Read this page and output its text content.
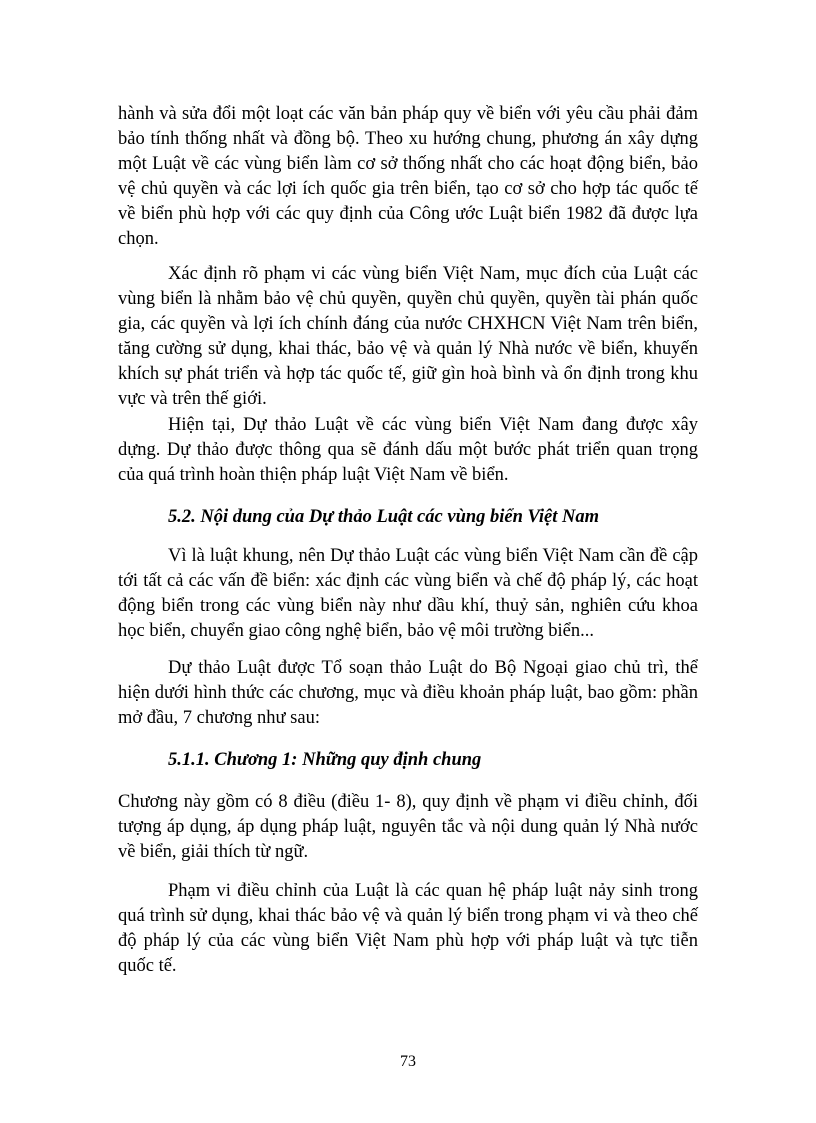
hành và sửa đổi một loạt các văn bản pháp quy về biển với yêu cầu phải đảm bảo tính thống nhất và đồng bộ. Theo xu hướng chung, phương án xây dựng một Luật về các vùng biển làm cơ sở thống nhất cho các hoạt động biển, bảo vệ chủ quyền và các lợi ích quốc gia trên biển, tạo cơ sở cho hợp tác quốc tế về biển phù hợp với các quy định của Công ước Luật biển 1982 đã được lựa chọn.

Xác định rõ phạm vi các vùng biển Việt Nam, mục đích của Luật các vùng biển là nhằm bảo vệ chủ quyền, quyền chủ quyền, quyền tài phán quốc gia, các quyền và lợi ích chính đáng của nước CHXHCN Việt Nam trên biển, tăng cường sử dụng, khai thác, bảo vệ và quản lý Nhà nước về biển, khuyến khích sự phát triển và hợp tác quốc tế, giữ gìn hoà bình và ổn định trong khu vực và trên thế giới.

Hiện tại, Dự thảo Luật về các vùng biển Việt Nam đang được xây dựng. Dự thảo được thông qua sẽ đánh dấu một bước phát triển quan trọng của quá trình hoàn thiện pháp luật Việt Nam về biển.

5.2. Nội dung của Dự thảo Luật các vùng biển Việt Nam

Vì là luật khung, nên Dự thảo Luật các vùng biển Việt Nam cần đề cập tới tất cả các vấn đề biển: xác định các vùng biển và chế độ pháp lý, các hoạt động biển trong các vùng biển này như dầu khí, thuỷ sản, nghiên cứu khoa học biển, chuyển giao công nghệ biển, bảo vệ môi trường biển...

Dự thảo Luật được Tổ soạn thảo Luật do Bộ Ngoại giao chủ trì, thể hiện dưới hình thức các chương, mục và điều khoản pháp luật, bao gồm: phần mở đầu, 7 chương như sau:

5.1.1. Chương 1: Những quy định chung

Chương này gồm có 8 điều (điều 1- 8), quy định về phạm vi điều chỉnh, đối tượng áp dụng, áp dụng pháp luật, nguyên tắc và nội dung quản lý Nhà nước về biển, giải thích từ ngữ.

Phạm vi điều chỉnh của Luật là các quan hệ pháp luật nảy sinh trong quá trình sử dụng, khai thác bảo vệ và quản lý biển trong phạm vi và theo chế độ pháp lý của các vùng biển Việt Nam phù hợp với pháp luật và tực tiễn quốc tế.

73
